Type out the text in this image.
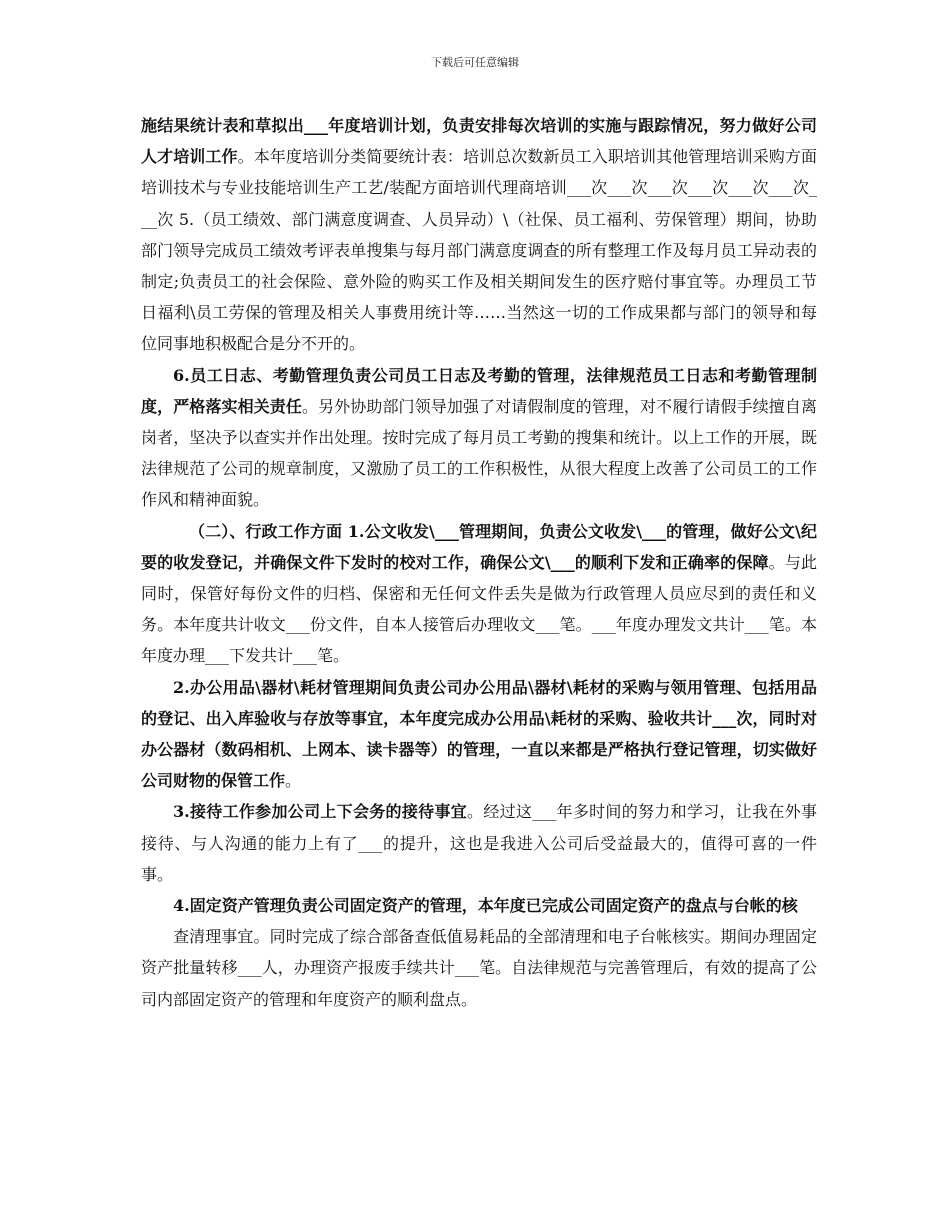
下载后可任意编辑

施结果统计表和草拟出___年度培训计划，负责安排每次培训的实施与跟踪情况，努力做好公司人才培训工作。本年度培训分类简要统计表：培训总次数新员工入职培训其他管理培训采购方面培训技术与专业技能培训生产工艺/装配方面培训代理商培训___次___次___次___次___次___次___次 5.（员工绩效、部门满意度调查、人员异动）\（社保、员工福利、劳保管理）期间，协助部门领导完成员工绩效考评表单搜集与每月部门满意度调查的所有整理工作及每月员工异动表的制定;负责员工的社会保险、意外险的购买工作及相关期间发生的医疗赔付事宜等。办理员工节日福利\员工劳保的管理及相关人事费用统计等……当然这一切的工作成果都与部门的领导和每位同事地积极配合是分不开的。

6.员工日志、考勤管理负责公司员工日志及考勤的管理，法律规范员工日志和考勤管理制度，严格落实相关责任。另外协助部门领导加强了对请假制度的管理，对不履行请假手续擅自离岗者，坚决予以查实并作出处理。按时完成了每月员工考勤的搜集和统计。以上工作的开展，既法律规范了公司的规章制度，又激励了员工的工作积极性，从很大程度上改善了公司员工的工作作风和精神面貌。

（二）、行政工作方面 1.公文收发\___管理期间，负责公文收发\___的管理，做好公文\纪要的收发登记，并确保文件下发时的校对工作，确保公文\___的顺利下发和正确率的保障。与此同时，保管好每份文件的归档、保密和无任何文件丢失是做为行政管理人员应尽到的责任和义务。本年度共计收文___份文件，自本人接管后办理收文___笔。___年度办理发文共计___笔。本年度办理___下发共计___笔。

2.办公用品\器材\耗材管理期间负责公司办公用品\器材\耗材的采购与领用管理、包括用品的登记、出入库验收与存放等事宜，本年度完成办公用品\耗材的采购、验收共计___次，同时对办公器材（数码相机、上网本、读卡器等）的管理，一直以来都是严格执行登记管理，切实做好公司财物的保管工作。

3.接待工作参加公司上下会务的接待事宜。经过这___年多时间的努力和学习，让我在外事接待、与人沟通的能力上有了___的提升，这也是我进入公司后受益最大的，值得可喜的一件事。

4.固定资产管理负责公司固定资产的管理，本年度已完成公司固定资产的盘点与台帐的核

查清理事宜。同时完成了综合部备查低值易耗品的全部清理和电子台帐核实。期间办理固定资产批量转移___人，办理资产报废手续共计___笔。自法律规范与完善管理后，有效的提高了公司内部固定资产的管理和年度资产的顺利盘点。
